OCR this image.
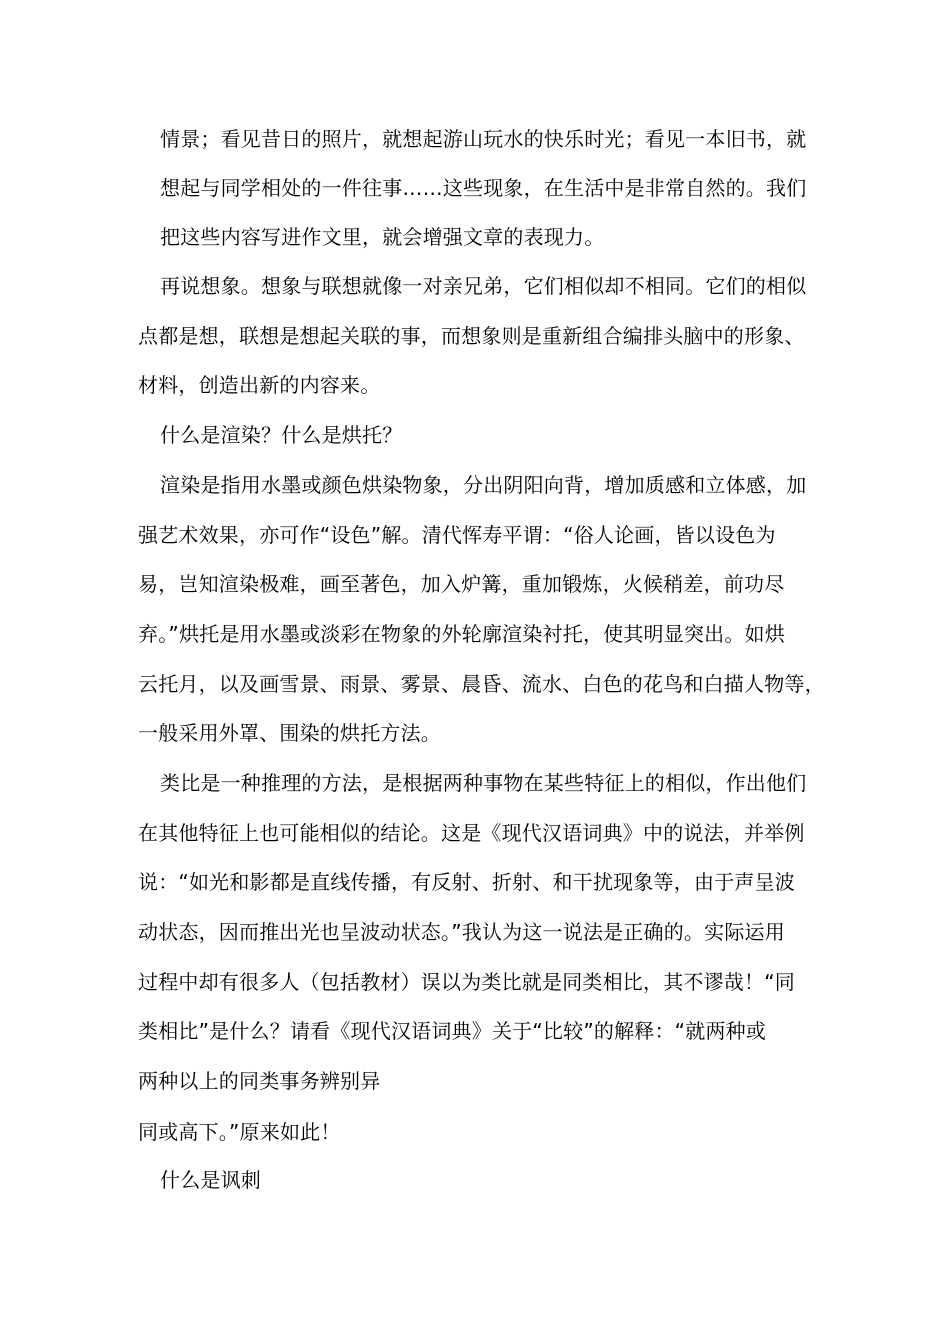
情景；看见昔日的照片，就想起游山玩水的快乐时光；看见一本旧书，就
想起与同学相处的一件往事……这些现象，在生活中是非常自然的。我们
把这些内容写进作文里，就会增强文章的表现力。
再说想象。想象与联想就像一对亲兄弟，它们相似却不相同。它们的相似
点都是想，联想是想起关联的事，而想象则是重新组合编排头脑中的形象、
材料，创造出新的内容来。
什么是渲染？什么是烘托？
渲染是指用水墨或颜色烘染物象，分出阴阳向背，增加质感和立体感，加
强艺术效果，亦可作“设色”解。清代恽寿平谓：“俗人论画，皆以设色为
易，岂知渲染极难，画至著色，加入炉篝，重加锻炼，火候稍差，前功尽
弃。”烘托是用水墨或淡彩在物象的外轮廓渲染衬托，使其明显突出。如烘
云托月，以及画雪景、雨景、雾景、晨昏、流水、白色的花鸟和白描人物等，
一般采用外罩、围染的烘托方法。
类比是一种推理的方法，是根据两种事物在某些特征上的相似，作出他们
在其他特征上也可能相似的结论。这是《现代汉语词典》中的说法，并举例
说：“如光和影都是直线传播，有反射、折射、和干扰现象等，由于声呈波
动状态，因而推出光也呈波动状态。”我认为这一说法是正确的。实际运用
过程中却有很多人（包括教材）误以为类比就是同类相比，其不谬哉！“同
类相比”是什么？请看《现代汉语词典》关于“比较”的解释：“就两种或
两种以上的同类事务辨别异
同或高下。”原来如此！
什么是讽刺
